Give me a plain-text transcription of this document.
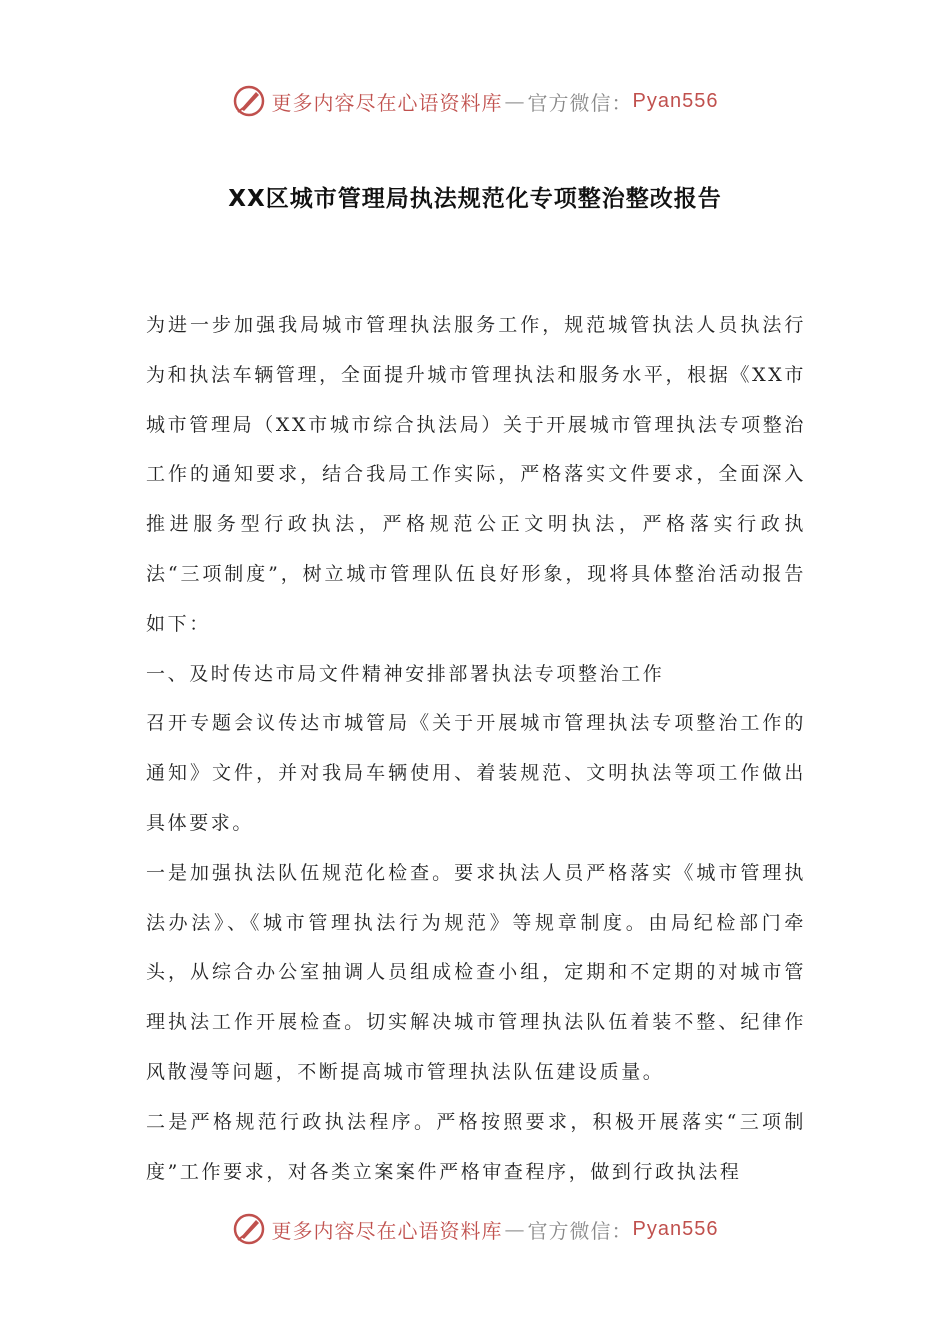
更多内容尽在心语资料库 — 官方微信： Pyan556
XX区城市管理局执法规范化专项整治整改报告

为进一步加强我局城市管理执法服务工作，规范城管执法人员执法行为和执法车辆管理，全面提升城市管理执法和服务水平，根据《XX市城市管理局（XX市城市综合执法局）关于开展城市管理执法专项整治工作的通知要求，结合我局工作实际，严格落实文件要求，全面深入推进服务型行政执法，严格规范公正文明执法，严格落实行政执法“三项制度”，树立城市管理队伍良好形象，现将具体整治活动报告如下：

一、及时传达市局文件精神安排部署执法专项整治工作

召开专题会议传达市城管局《关于开展城市管理执法专项整治工作的通知》文件，并对我局车辆使用、着装规范、文明执法等项工作做出具体要求。

一是加强执法队伍规范化检查。要求执法人员严格落实《城市管理执法办法》、《城市管理执法行为规范》等规章制度。由局纪检部门牵头，从综合办公室抽调人员组成检查小组，定期和不定期的对城市管理执法工作开展检查。切实解决城市管理执法队伍着装不整、纪律作风散漫等问题，不断提高城市管理执法队伍建设质量。

二是严格规范行政执法程序。严格按照要求，积极开展落实“三项制度”工作要求，对各类立案案件严格审查程序，做到行政执法程

更多内容尽在心语资料库 — 官方微信： Pyan556
